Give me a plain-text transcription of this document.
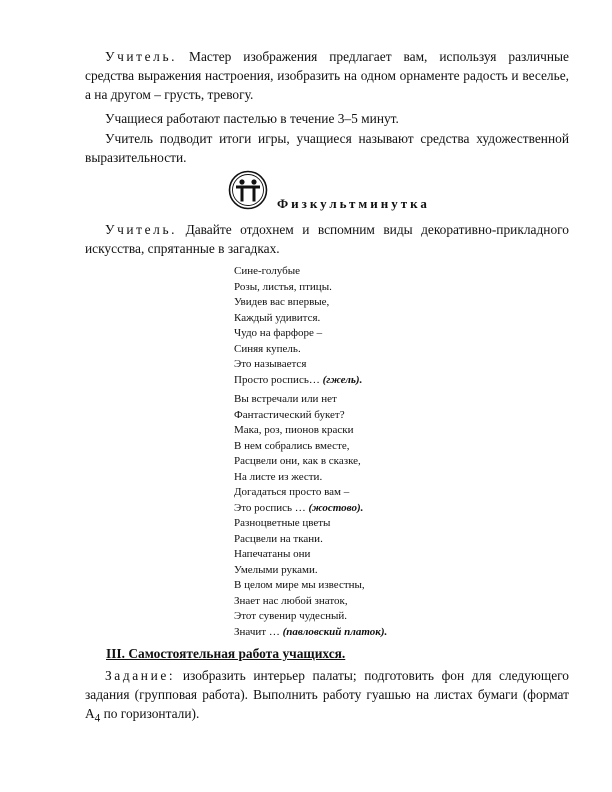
Учитель. Мастер изображения предлагает вам, используя различные средства выражения настроения, изобразить на одном орнаменте радость и веселье, а на другом – грусть, тревогу.

Учащиеся работают пастелью в течение 3–5 минут.

Учитель подводит итоги игры, учащиеся называют средства художественной выразительности.

Физкультминутка

Учитель. Давайте отдохнем и вспомним виды декоративно-прикладного искусства, спрятанные в загадках.

Сине-голубые
Розы, листья, птицы.
Увидев вас впервые,
Каждый удивится.
Чудо на фарфоре –
Синяя купель.
Это называется
Просто роспись… (гжель).
Вы встречали или нет
Фантастический букет?
Мака, роз, пионов краски
В нем собрались вместе,
Расцвели они, как в сказке,
На листе из жести.
Догадаться просто вам –
Это роспись … (жостово).
Разноцветные цветы
Расцвели на ткани.
Напечатаны они
Умелыми руками.
В целом мире мы известны,
Знает нас любой знаток,
Этот сувенир чудесный.
Значит … (павловский платок).
III. Самостоятельная работа учащихся.

Задание: изобразить интерьер палаты; подготовить фон для следующего задания (групповая работа). Выполнить работу гуашью на листах бумаги (формат $А_4$ по горизонтали).
